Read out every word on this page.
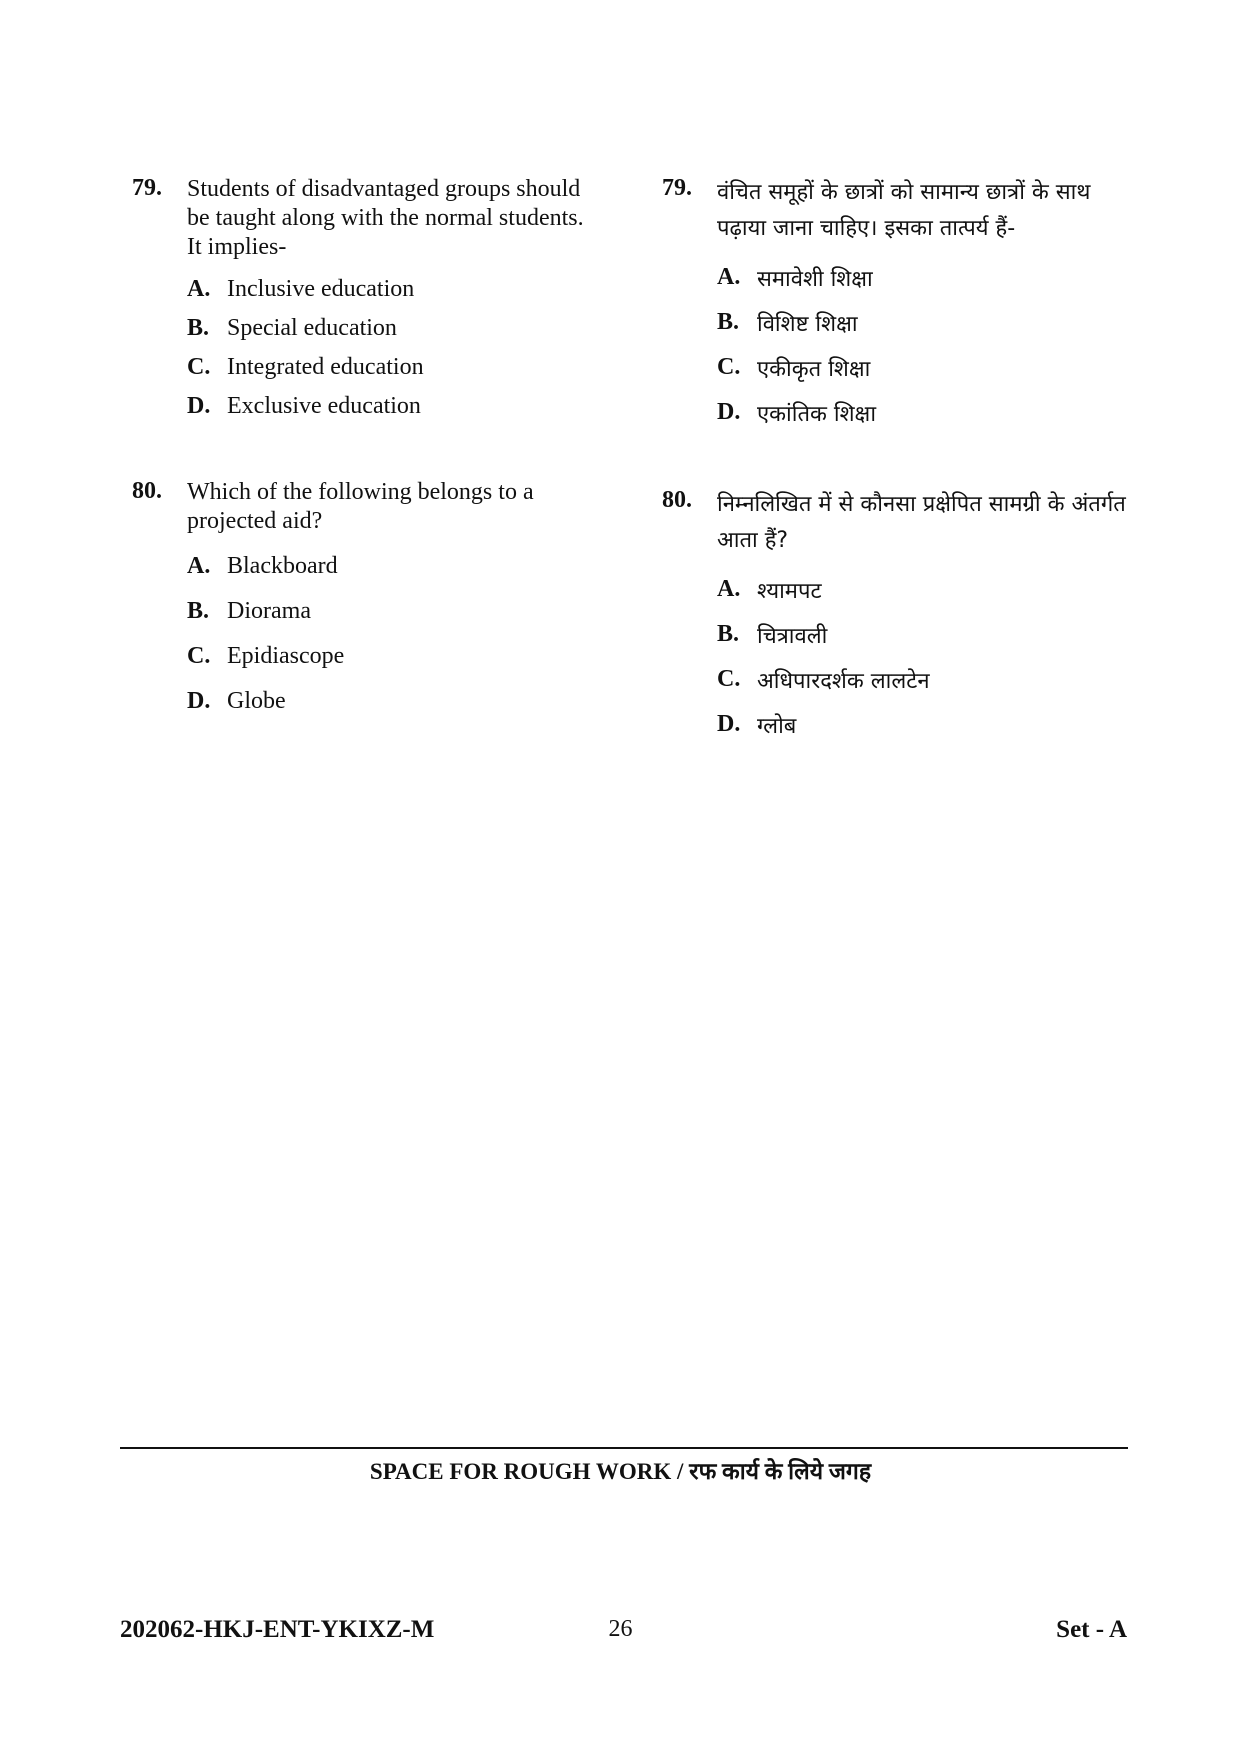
79. Students of disadvantaged groups should be taught along with the normal students. It implies-
A. Inclusive education
B. Special education
C. Integrated education
D. Exclusive education
80. Which of the following belongs to a projected aid?
A. Blackboard
B. Diorama
C. Epidiascope
D. Globe
79. वंचित समूहों के छात्रों को सामान्य छात्रों के साथ पढ़ाया जाना चाहिए। इसका तात्पर्य हैं-
A. समावेशी शिक्षा
B. विशिष्ट शिक्षा
C. एकीकृत शिक्षा
D. एकांतिक शिक्षा
80. निम्नलिखित में से कौनसा प्रक्षेपित सामग्री के अंतर्गत आता हैं?
A. श्यामपट
B. चित्रावली
C. अधिपारदर्शक लालटेन
D. ग्लोब
SPACE FOR ROUGH WORK / रफ कार्य के लिये जगह
202062-HKJ-ENT-YKIXZ-M	26	Set - A
